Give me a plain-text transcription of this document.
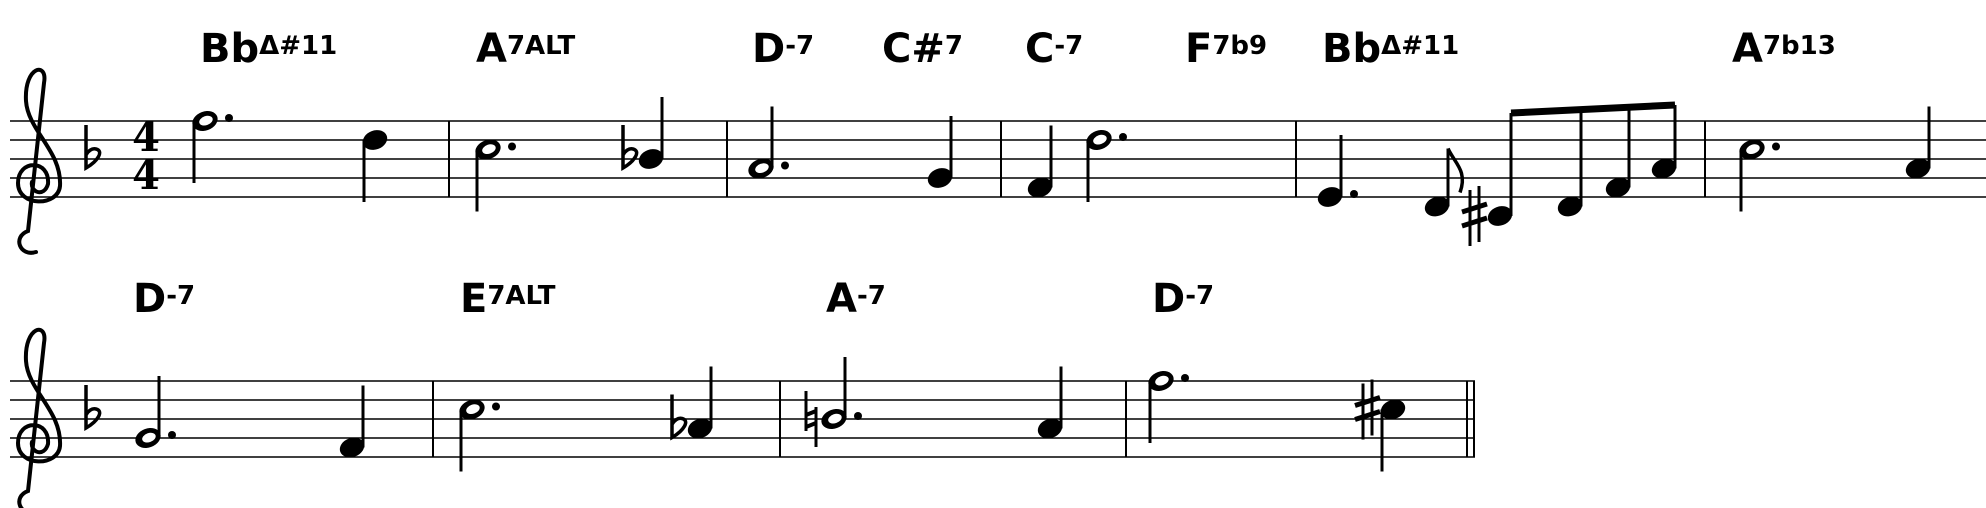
4
4
$Bb^{\Delta\#11}$	$A^{7ALT}$	$D^{-7}$ C#$^7$ $C^{-7}$	$F^{7b9}$ $Bb^{\Delta\#11}$	$A^{7b13}$
$D^{-7}$	$E^{7ALT}$	$A^{-7}$	$D^{-7}$
